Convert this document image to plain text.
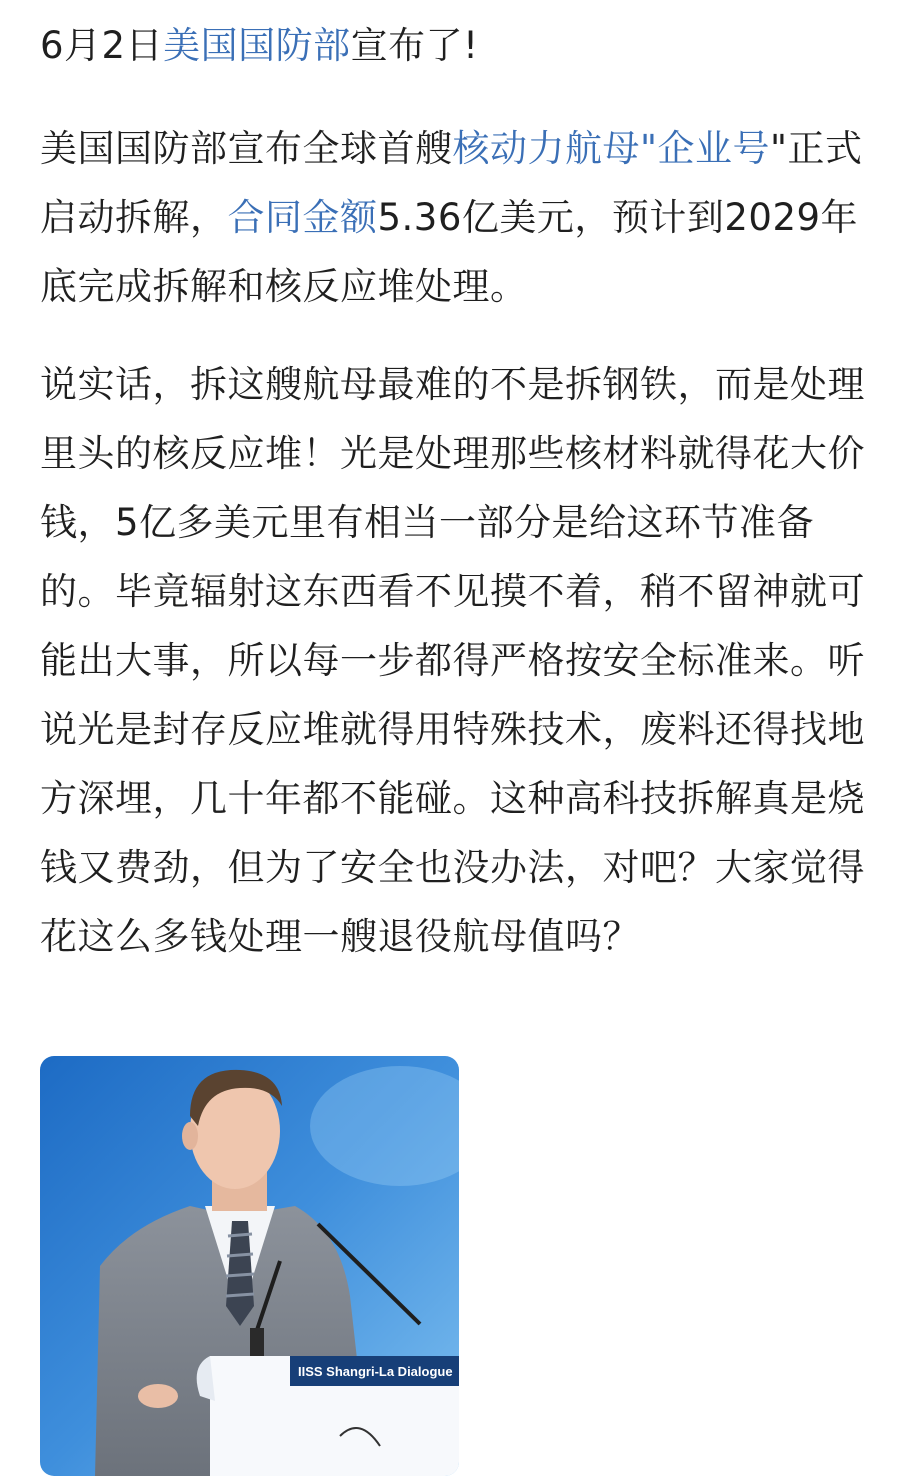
6月2日美国国防部宣布了!
美国国防部宣布全球首艘核动力航母"企业号"正式启动拆解，合同金额5.36亿美元，预计到2029年底完成拆解和核反应堆处理。
说实话，拆这艘航母最难的不是拆钢铁，而是处理里头的核反应堆！光是处理那些核材料就得花大价钱，5亿多美元里有相当一部分是给这环节准备的。毕竟辐射这东西看不见摸不着，稍不留神就可能出大事，所以每一步都得严格按安全标准来。听说光是封存反应堆就得用特殊技术，废料还得找地方深埋，几十年都不能碰。这种高科技拆解真是烧钱又费劲，但为了安全也没办法，对吧？大家觉得花这么多钱处理一艘退役航母值吗？
IISS Shangri-La Dialogue
